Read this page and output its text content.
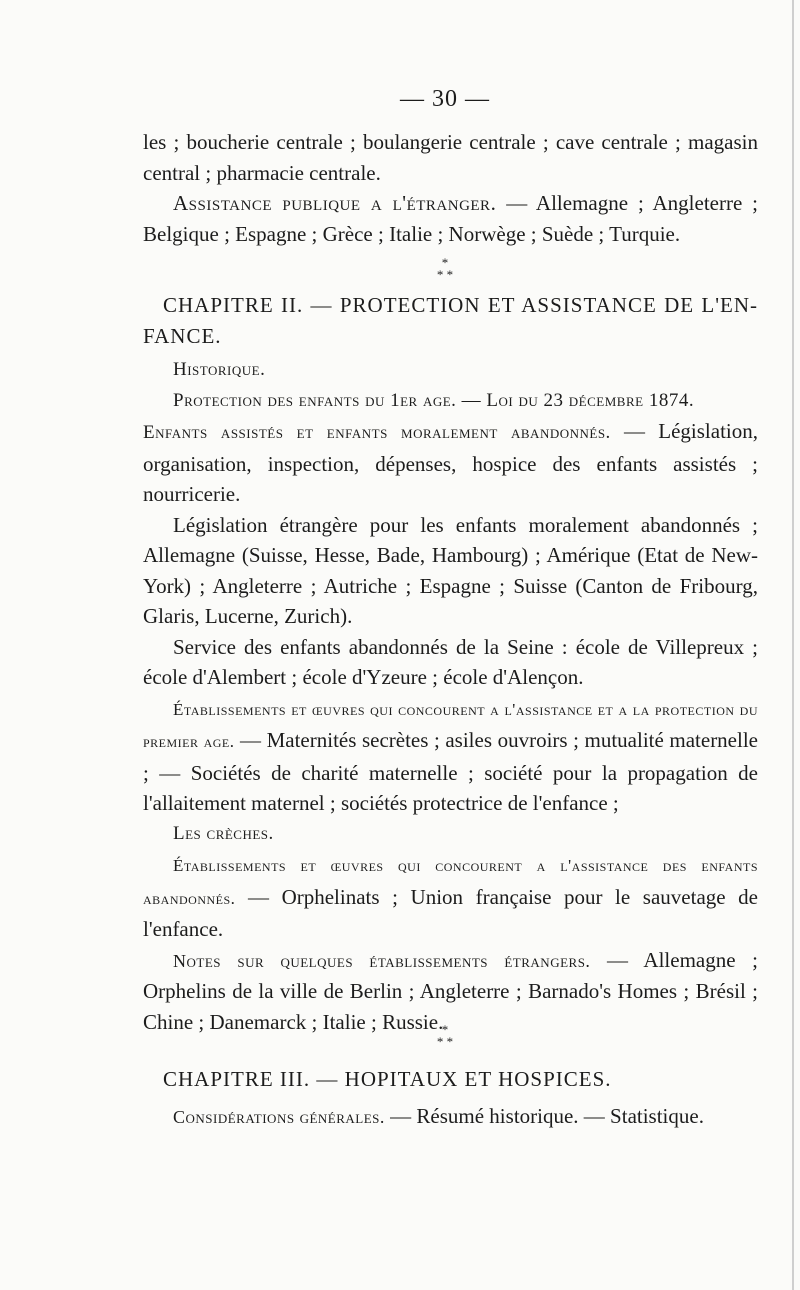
— 30 —

les ; boucherie centrale ; boulangerie centrale ; cave centrale ; magasin central ; pharmacie centrale.

Assistance publique a l'étranger. — Allemagne ; Angleterre ; Belgique ; Espagne ; Grèce ; Italie ; Norwège ; Suède ; Turquie.

*
* *
CHAPITRE II. — PROTECTION ET ASSISTANCE DE L'EN-FANCE.

Historique.

Protection des enfants du 1er age. — Loi du 23 décembre 1874.

Enfants assistés et enfants moralement abandonnés. — Législation, organisation, inspection, dépenses, hospice des enfants assistés ; nourricerie.

Législation étrangère pour les enfants moralement abandonnés ; Allemagne (Suisse, Hesse, Bade, Hambourg) ; Amérique (Etat de New-York) ; Angleterre ; Autriche ; Espagne ; Suisse (Canton de Fribourg, Glaris, Lucerne, Zurich).

Service des enfants abandonnés de la Seine : école de Villepreux ; école d'Alembert ; école d'Yzeure ; école d'Alençon.

Établissements et œuvres qui concourent a l'assistance et a la protection du premier age. — Maternités secrètes ; asiles ouvroirs ; mutualité maternelle ; — Sociétés de charité maternelle ; société pour la propagation de l'allaitement maternel ; sociétés protectrice de l'enfance ;

Les crèches.

Établissements et œuvres qui concourent a l'assistance des enfants abandonnés. — Orphelinats ; Union française pour le sauvetage de l'enfance.

Notes sur quelques établissements étrangers. — Allemagne ; Orphelins de la ville de Berlin ; Angleterre ; Barnado's Homes ; Brésil ; Chine ; Danemarck ; Italie ; Russie.

*
* *
CHAPITRE III. — HOPITAUX ET HOSPICES.

Considérations générales. — Résumé historique. — Statistique.
